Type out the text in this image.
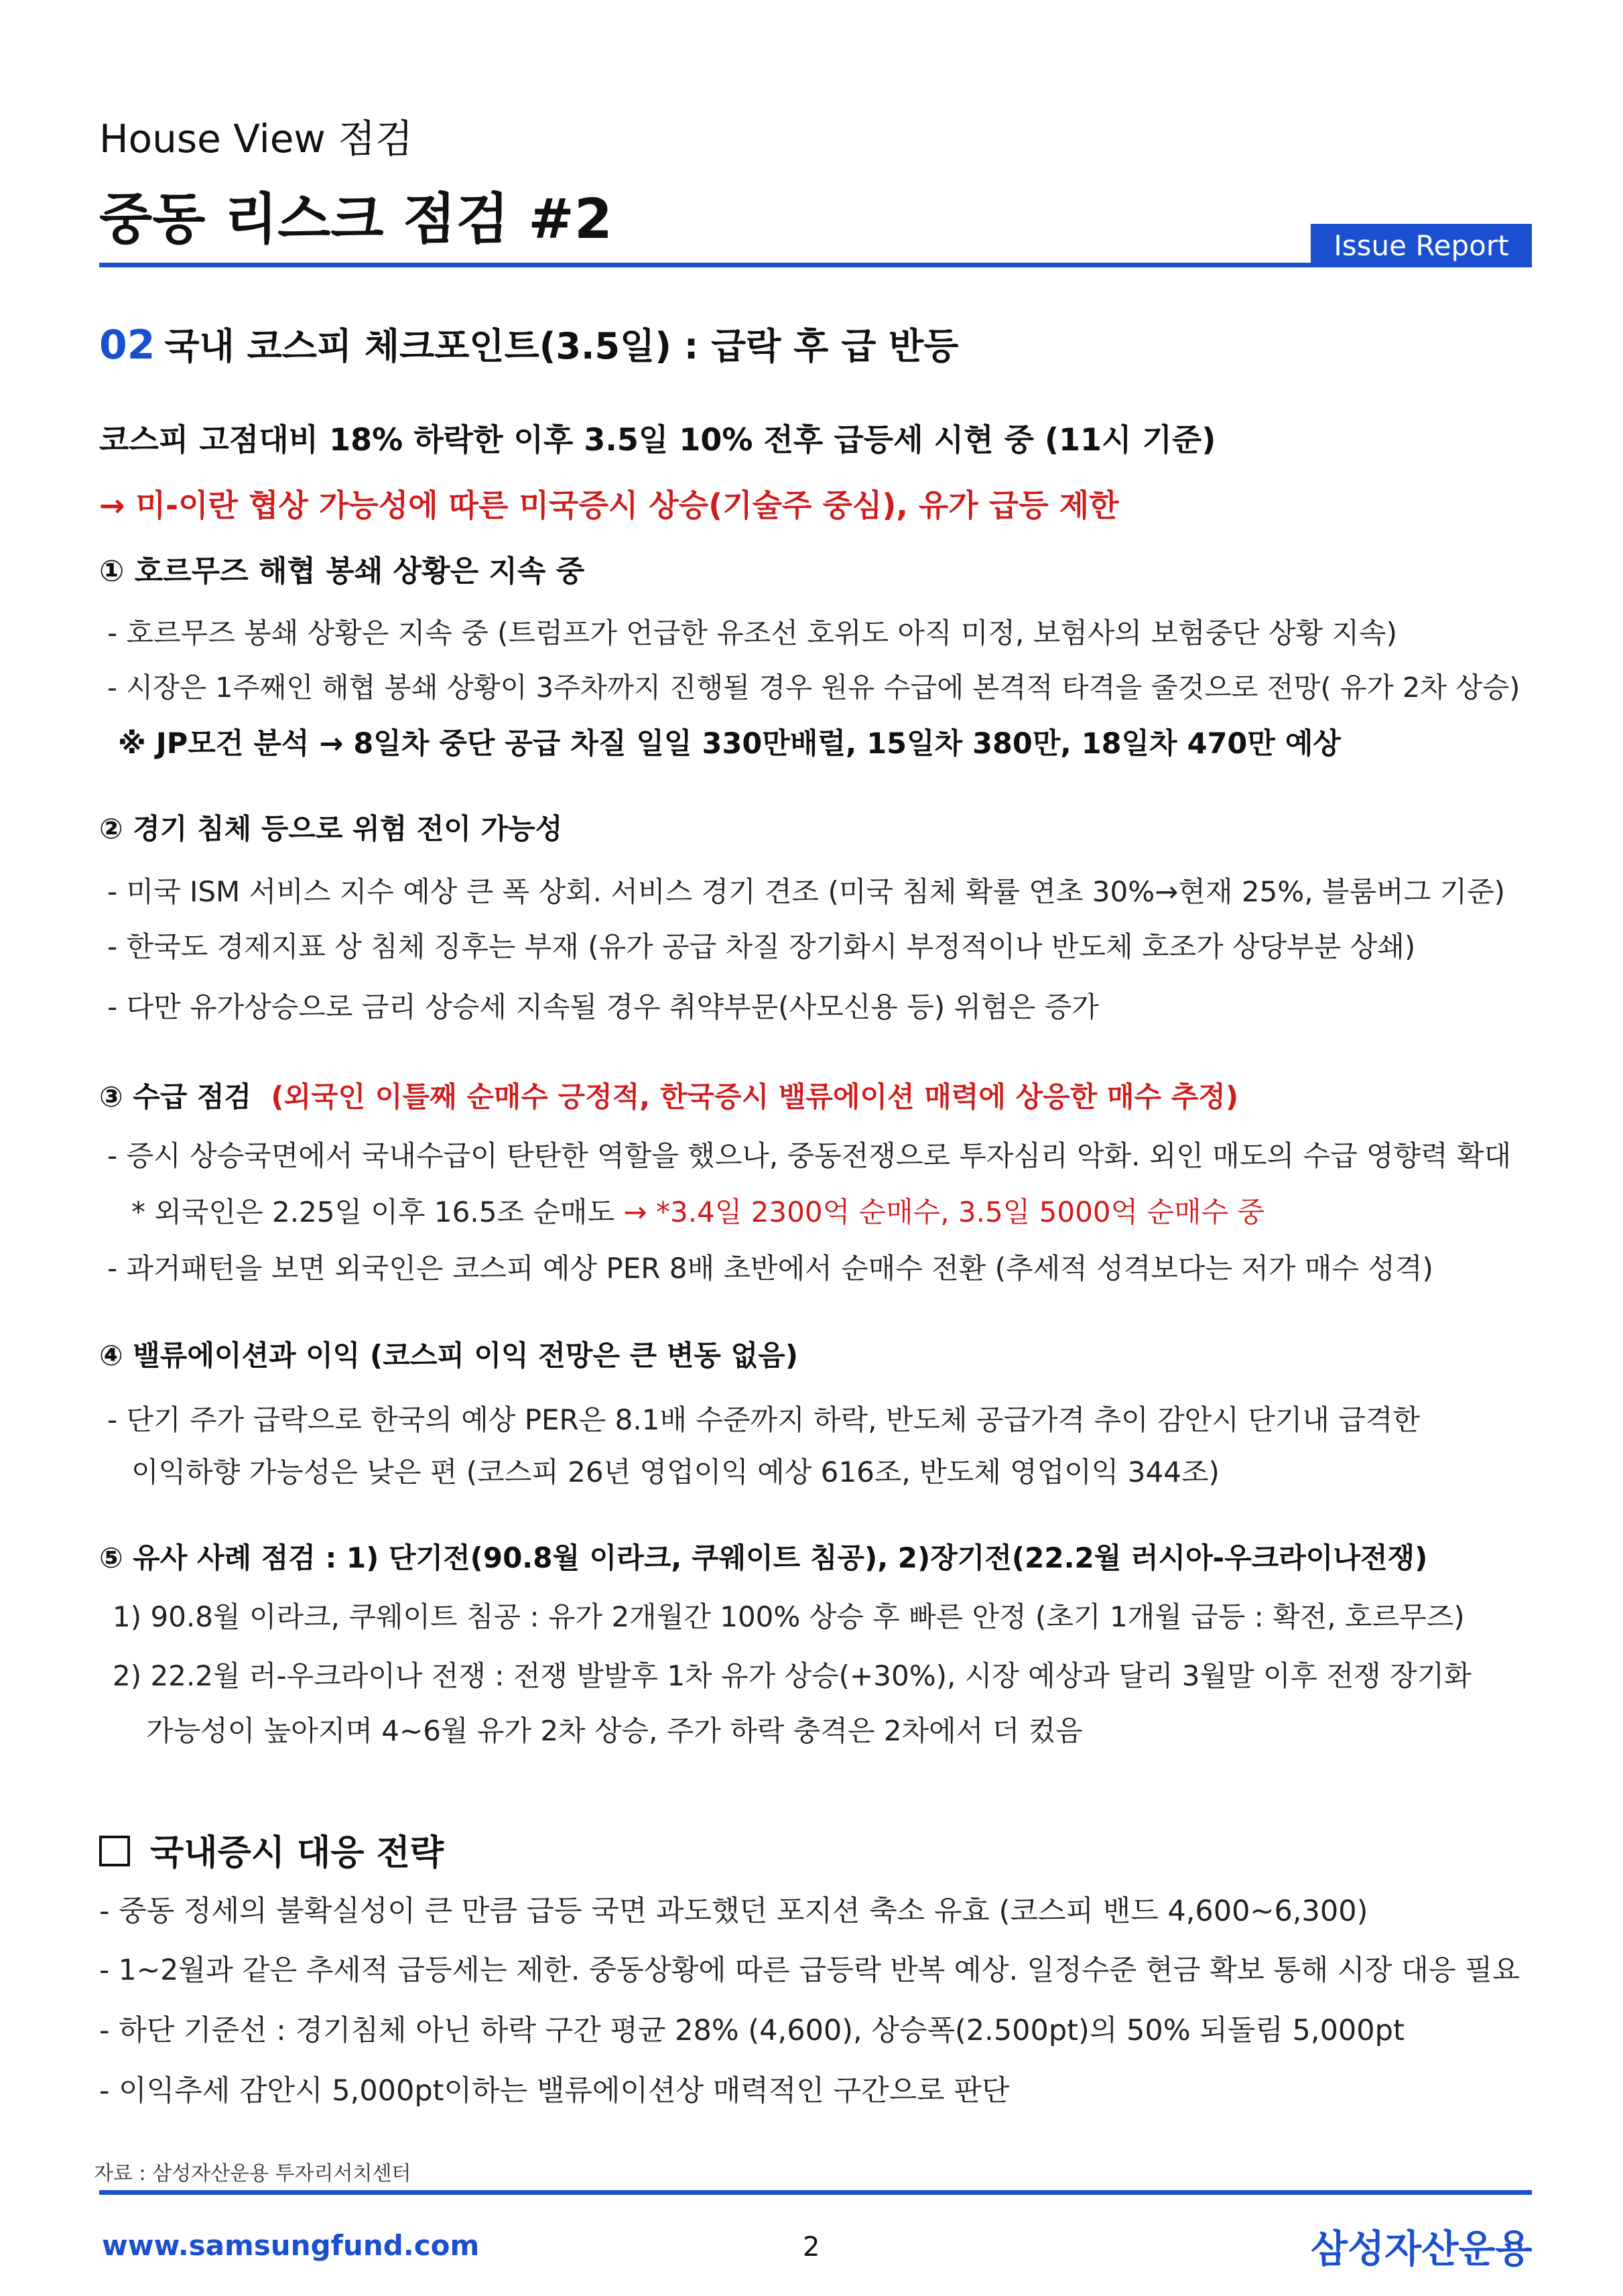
House View 점검
중동 리스크 점검 #2	Issue Report
02 국내 코스피 체크포인트(3.5일) : 급락 후 급 반등
코스피 고점대비 18% 하락한 이후 3.5일 10% 전후 급등세 시현 중 (11시 기준)
→ 미-이란 협상 가능성에 따른 미국증시 상승(기술주 중심), 유가 급등 제한
① 호르무즈 해협 봉쇄 상황은 지속 중
- 호르무즈 봉쇄 상황은 지속 중 (트럼프가 언급한 유조선 호위도 아직 미정, 보험사의 보험중단 상황 지속)
- 시장은 1주째인 해협 봉쇄 상황이 3주차까지 진행될 경우 원유 수급에 본격적 타격을 줄것으로 전망( 유가 2차 상승)
※ JP모건 분석 → 8일차 중단 공급 차질 일일 330만배럴, 15일차 380만, 18일차 470만 예상
② 경기 침체 등으로 위험 전이 가능성
- 미국 ISM 서비스 지수 예상 큰 폭 상회. 서비스 경기 견조 (미국 침체 확률 연초 30%→현재 25%, 블룸버그 기준)
- 한국도 경제지표 상 침체 징후는 부재 (유가 공급 차질 장기화시 부정적이나 반도체 호조가 상당부분 상쇄)
- 다만 유가상승으로 금리 상승세 지속될 경우 취약부문(사모신용 등) 위험은 증가
③ 수급 점검 (외국인 이틀째 순매수 긍정적, 한국증시 밸류에이션 매력에 상응한 매수 추정)
- 증시 상승국면에서 국내수급이 탄탄한 역할을 했으나, 중동전쟁으로 투자심리 악화. 외인 매도의 수급 영향력 확대
* 외국인은 2.25일 이후 16.5조 순매도 → *3.4일 2300억 순매수, 3.5일 5000억 순매수 중
- 과거패턴을 보면 외국인은 코스피 예상 PER 8배 초반에서 순매수 전환 (추세적 성격보다는 저가 매수 성격)
④ 밸류에이션과 이익 (코스피 이익 전망은 큰 변동 없음)
- 단기 주가 급락으로 한국의 예상 PER은 8.1배 수준까지 하락, 반도체 공급가격 추이 감안시 단기내 급격한
이익하향 가능성은 낮은 편 (코스피 26년 영업이익 예상 616조, 반도체 영업이익 344조)
⑤ 유사 사례 점검 : 1) 단기전(90.8월 이라크, 쿠웨이트 침공), 2)장기전(22.2월 러시아-우크라이나전쟁)
1) 90.8월 이라크, 쿠웨이트 침공 : 유가 2개월간 100% 상승 후 빠른 안정 (초기 1개월 급등 : 확전, 호르무즈)
2) 22.2월 러-우크라이나 전쟁 : 전쟁 발발후 1차 유가 상승(+30%), 시장 예상과 달리 3월말 이후 전쟁 장기화
가능성이 높아지며 4~6월 유가 2차 상승, 주가 하락 충격은 2차에서 더 컸음
국내증시 대응 전략
- 중동 정세의 불확실성이 큰 만큼 급등 국면 과도했던 포지션 축소 유효 (코스피 밴드 4,600~6,300)
- 1~2월과 같은 추세적 급등세는 제한. 중동상황에 따른 급등락 반복 예상. 일정수준 현금 확보 통해 시장 대응 필요
- 하단 기준선 : 경기침체 아닌 하락 구간 평균 28% (4,600), 상승폭(2.500pt)의 50% 되돌림 5,000pt
- 이익추세 감안시 5,000pt이하는 밸류에이션상 매력적인 구간으로 판단
자료 : 삼성자산운용 투자리서치센터
www.samsungfund.com	2	삼성자산운용
